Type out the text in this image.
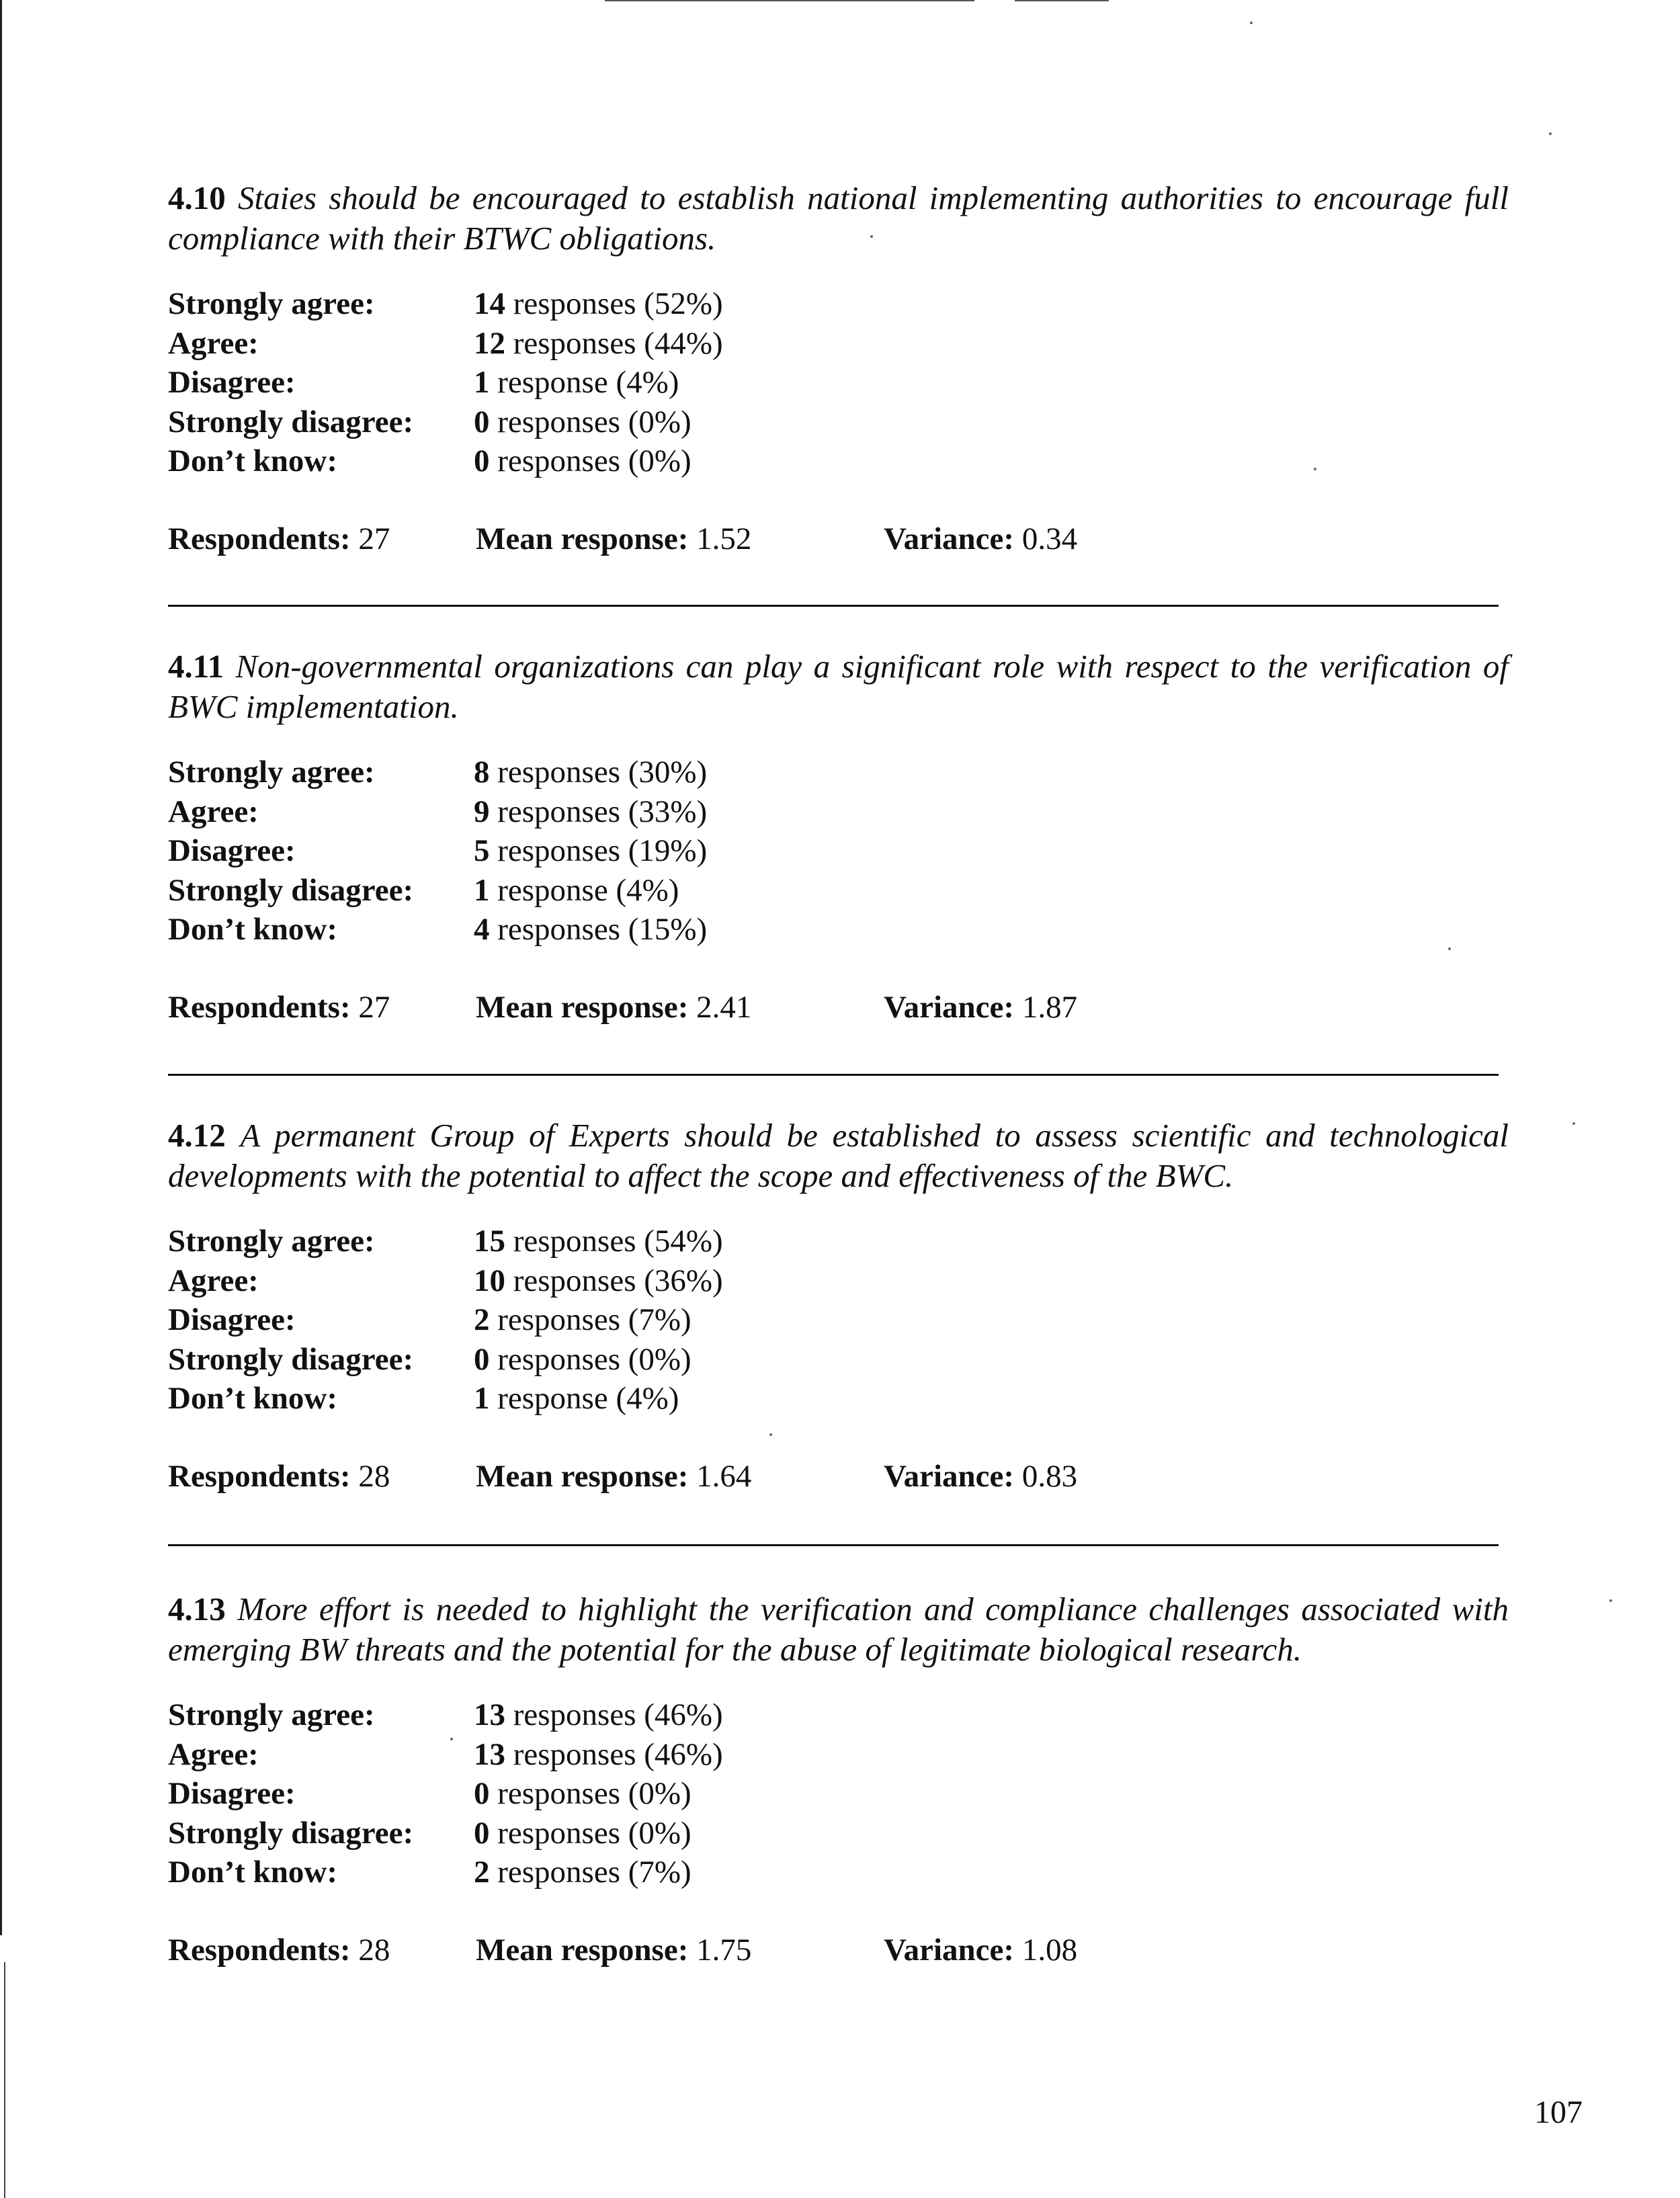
4.10 Staies should be encouraged to establish national implementing authorities to encourage full compliance with their BTWC obligations.

Strongly agree:	14 responses (52%)
Agree:	12 responses (44%)
Disagree:	1 response (4%)
Strongly disagree:	0 responses (0%)
Don’t know:	0 responses (0%)
Respondents: 27	Mean response: 1.52	Variance: 0.34

4.11 Non-governmental organizations can play a significant role with respect to the verification of BWC implementation.

Strongly agree:	8 responses (30%)
Agree:	9 responses (33%)
Disagree:	5 responses (19%)
Strongly disagree:	1 response (4%)
Don’t know:	4 responses (15%)
Respondents: 27	Mean response: 2.41	Variance: 1.87

4.12 A permanent Group of Experts should be established to assess scientific and technological developments with the potential to affect the scope and effectiveness of the BWC.

Strongly agree:	15 responses (54%)
Agree:	10 responses (36%)
Disagree:	2 responses (7%)
Strongly disagree:	0 responses (0%)
Don’t know:	1 response (4%)
Respondents: 28	Mean response: 1.64	Variance: 0.83

4.13 More effort is needed to highlight the verification and compliance challenges associated with emerging BW threats and the potential for the abuse of legitimate biological research.

Strongly agree:	13 responses (46%)
Agree:	13 responses (46%)
Disagree:	0 responses (0%)
Strongly disagree:	0 responses (0%)
Don’t know:	2 responses (7%)
Respondents: 28	Mean response: 1.75	Variance: 1.08
107
